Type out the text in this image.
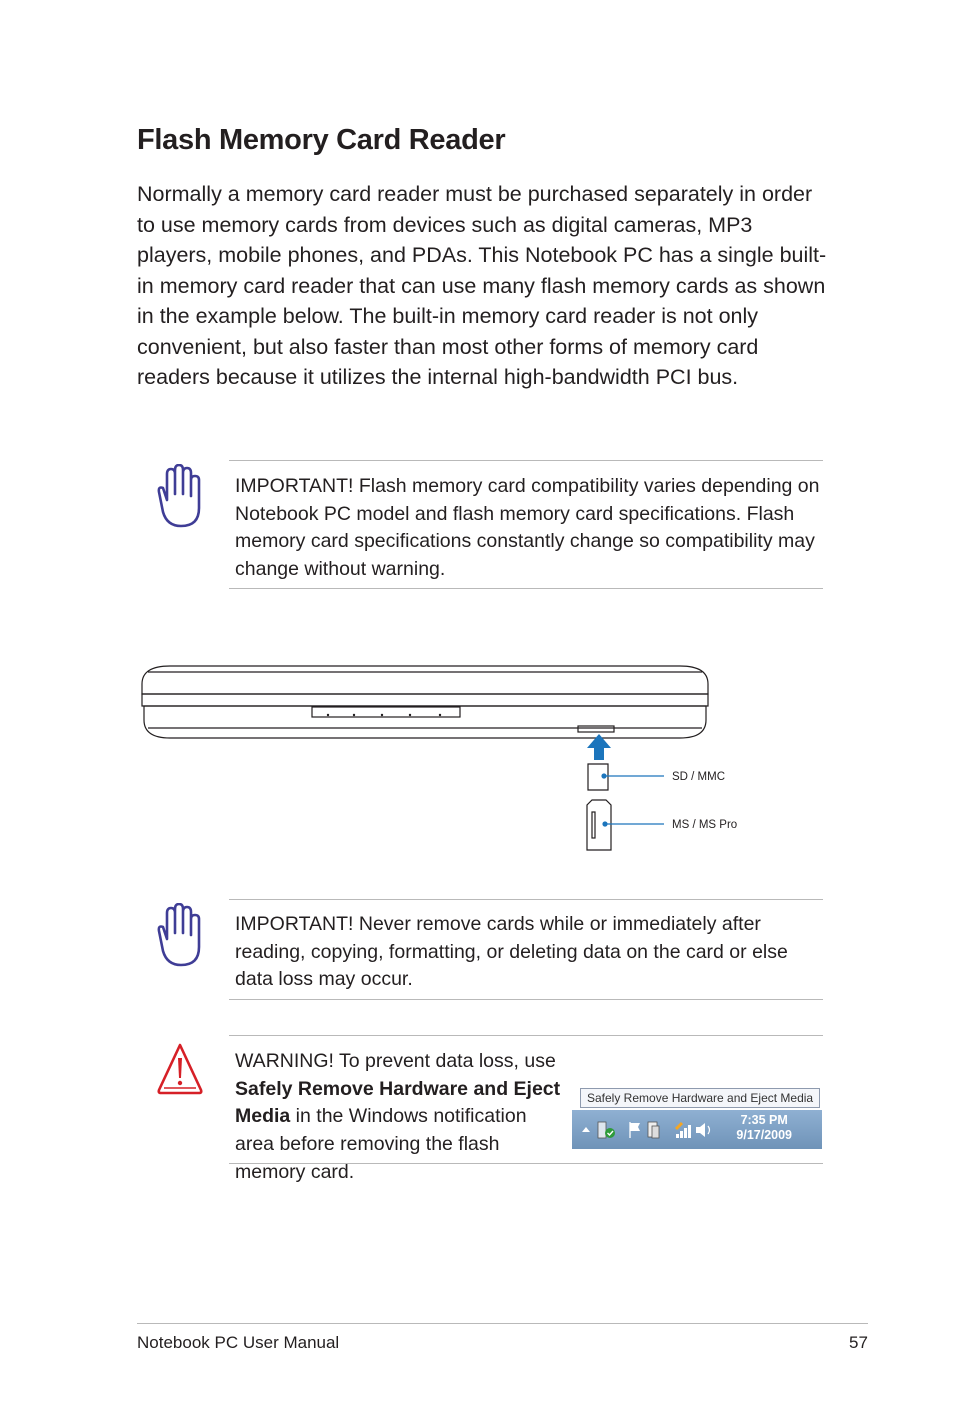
Flash Memory Card Reader

Normally a memory card reader must be purchased separately in order to use memory cards from devices such as digital cameras, MP3 players, mobile phones, and PDAs. This Notebook PC has a single built-in memory card reader that can use many flash memory cards as shown in the example below. The built-in memory card reader is not only convenient, but also faster than most other forms of memory card readers because it utilizes the internal high-bandwidth PCI bus.

IMPORTANT! Flash memory card compatibility varies depending on Notebook PC model and flash memory card specifications. Flash memory card specifications constantly change so compatibility may change without warning.

SD / MMC
MS / MS Pro

IMPORTANT! Never remove cards while or immediately after reading, copying, formatting, or deleting data on the card or else data loss may occur.

WARNING! To prevent data loss, use Safely Remove Hardware and Eject Media in the Windows notification area before removing the flash memory card.

Safely Remove Hardware and Eject Media
7:35 PM
9/17/2009
Notebook PC User Manual	57
